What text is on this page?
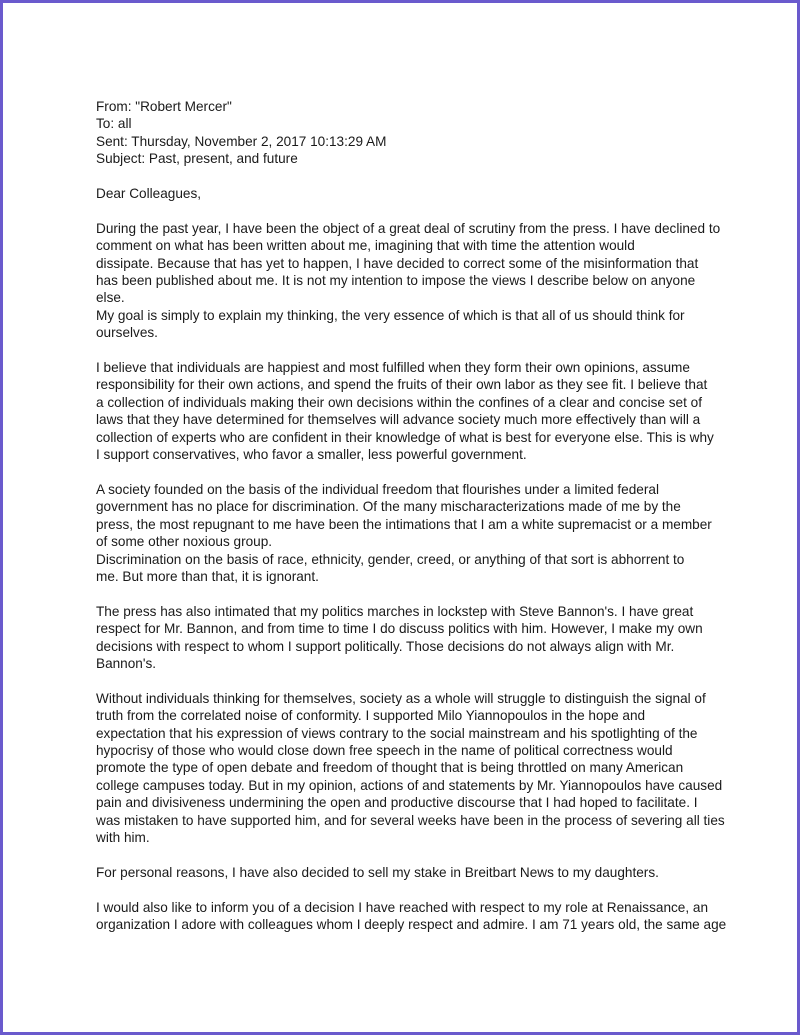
From: "Robert Mercer"
To: all
Sent: Thursday, November 2, 2017 10:13:29 AM
Subject: Past, present, and future
Dear Colleagues,
During the past year, I have been the object of a great deal of scrutiny from the press. I have declined to
comment on what has been written about me, imagining that with time the attention would
dissipate. Because that has yet to happen, I have decided to correct some of the misinformation that
has been published about me. It is not my intention to impose the views I describe below on anyone
else.
My goal is simply to explain my thinking, the very essence of which is that all of us should think for
ourselves.
I believe that individuals are happiest and most fulfilled when they form their own opinions, assume
responsibility for their own actions, and spend the fruits of their own labor as they see fit. I believe that
a collection of individuals making their own decisions within the confines of a clear and concise set of
laws that they have determined for themselves will advance society much more effectively than will a
collection of experts who are confident in their knowledge of what is best for everyone else. This is why
I support conservatives, who favor a smaller, less powerful government.
A society founded on the basis of the individual freedom that flourishes under a limited federal
government has no place for discrimination. Of the many mischaracterizations made of me by the
press, the most repugnant to me have been the intimations that I am a white supremacist or a member
of some other noxious group.
Discrimination on the basis of race, ethnicity, gender, creed, or anything of that sort is abhorrent to
me. But more than that, it is ignorant.
The press has also intimated that my politics marches in lockstep with Steve Bannon's. I have great
respect for Mr. Bannon, and from time to time I do discuss politics with him. However, I make my own
decisions with respect to whom I support politically. Those decisions do not always align with Mr.
Bannon's.
Without individuals thinking for themselves, society as a whole will struggle to distinguish the signal of
truth from the correlated noise of conformity. I supported Milo Yiannopoulos in the hope and
expectation that his expression of views contrary to the social mainstream and his spotlighting of the
hypocrisy of those who would close down free speech in the name of political correctness would
promote the type of open debate and freedom of thought that is being throttled on many American
college campuses today. But in my opinion, actions of and statements by Mr. Yiannopoulos have caused
pain and divisiveness undermining the open and productive discourse that I had hoped to facilitate. I
was mistaken to have supported him, and for several weeks have been in the process of severing all ties
with him.
For personal reasons, I have also decided to sell my stake in Breitbart News to my daughters.
I would also like to inform you of a decision I have reached with respect to my role at Renaissance, an
organization I adore with colleagues whom I deeply respect and admire. I am 71 years old, the same age
